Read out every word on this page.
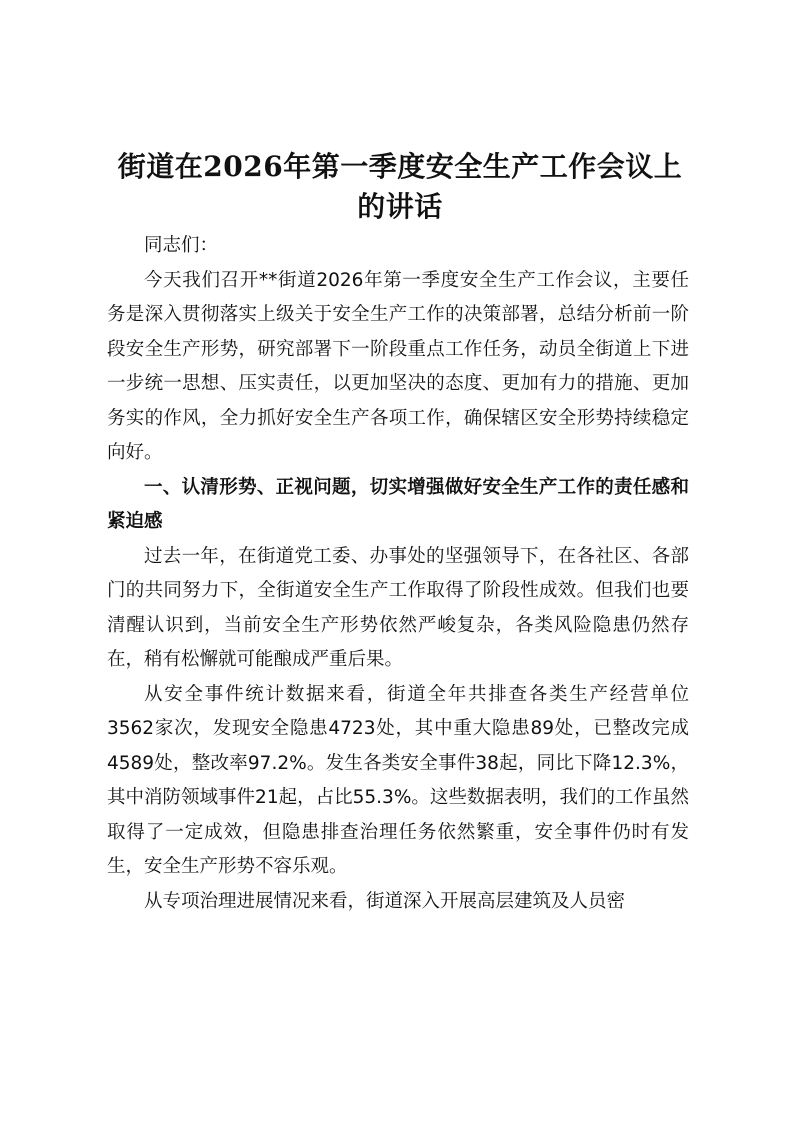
街道在2026年第一季度安全生产工作会议上的讲话

同志们：

今天我们召开**街道2026年第一季度安全生产工作会议，主要任务是深入贯彻落实上级关于安全生产工作的决策部署，总结分析前一阶段安全生产形势，研究部署下一阶段重点工作任务，动员全街道上下进一步统一思想、压实责任，以更加坚决的态度、更加有力的措施、更加务实的作风，全力抓好安全生产各项工作，确保辖区安全形势持续稳定向好。

一、认清形势、正视问题，切实增强做好安全生产工作的责任感和紧迫感

过去一年，在街道党工委、办事处的坚强领导下，在各社区、各部门的共同努力下，全街道安全生产工作取得了阶段性成效。但我们也要清醒认识到，当前安全生产形势依然严峻复杂，各类风险隐患仍然存在，稍有松懈就可能酿成严重后果。

从安全事件统计数据来看，街道全年共排查各类生产经营单位3562家次，发现安全隐患4723处，其中重大隐患89处，已整改完成4589处，整改率97.2%。发生各类安全事件38起，同比下降12.3%，其中消防领域事件21起，占比55.3%。这些数据表明，我们的工作虽然取得了一定成效，但隐患排查治理任务依然繁重，安全事件仍时有发生，安全生产形势不容乐观。

从专项治理进展情况来看，街道深入开展高层建筑及人员密
